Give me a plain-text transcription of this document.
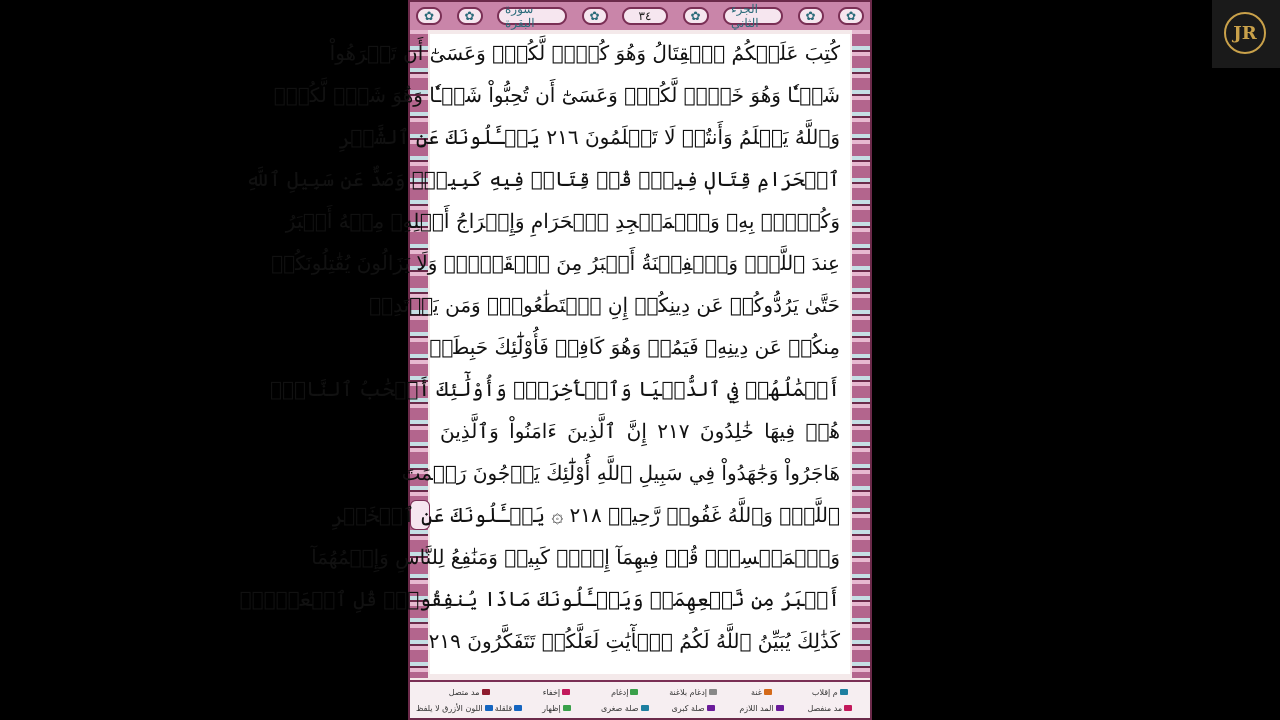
✿	✿	سورة البقرة	✿	٣٤	✿	الجزء الثاني	✿	✿
كُتِبَ عَلَيۡكُمُ ٱلۡقِتَالُ وَهُوَ كُرۡهٞ لَّكُمۡۖ وَعَسَىٰٓ أَن تَكۡرَهُواْ
شَيۡـٔٗا وَهُوَ خَيۡرٞ لَّكُمۡۖ وَعَسَىٰٓ أَن تُحِبُّواْ شَيۡـٔٗا وَهُوَ شَرّٞ لَّكُمۡۚ
وَٱللَّهُ يَعۡلَمُ وَأَنتُمۡ لَا تَعۡلَمُونَ ٢١٦ يَسۡـَٔلُونَكَ عَنِ ٱلشَّهۡرِ
ٱلۡحَرَامِ قِتَالٖ فِيهِۖ قُلۡ قِتَالٞ فِيهِ كَبِيرٞۚ وَصَدٌّ عَن سَبِيلِ ٱللَّهِ
وَكُفۡرُۢ بِهِۦ وَٱلۡمَسۡجِدِ ٱلۡحَرَامِ وَإِخۡرَاجُ أَهۡلِهِۦ مِنۡهُ أَكۡبَرُ
عِندَ ٱللَّهِۚ وَٱلۡفِتۡنَةُ أَكۡبَرُ مِنَ ٱلۡقَتۡلِۗ وَلَا يَزَالُونَ يُقَٰتِلُونَكُمۡ
حَتَّىٰ يَرُدُّوكُمۡ عَن دِينِكُمۡ إِنِ ٱسۡتَطَٰعُواْۚ وَمَن يَرۡتَدِدۡ
مِنكُمۡ عَن دِينِهِۦ فَيَمُتۡ وَهُوَ كَافِرٞ فَأُوْلَٰٓئِكَ حَبِطَتۡ
أَعۡمَٰلُهُمۡ فِي ٱلدُّنۡيَا وَٱلۡأٓخِرَةِۖ وَأُوْلَٰٓئِكَ أَصۡحَٰبُ ٱلنَّارِۖ
هُمۡ فِيهَا خَٰلِدُونَ ٢١٧ إِنَّ ٱلَّذِينَ ءَامَنُواْ وَٱلَّذِينَ
هَاجَرُواْ وَجَٰهَدُواْ فِي سَبِيلِ ٱللَّهِ أُوْلَٰٓئِكَ يَرۡجُونَ رَحۡمَتَ
ٱللَّهِۚ وَٱللَّهُ غَفُورٞ رَّحِيمٞ ٢١٨ ۞ يَسۡـَٔلُونَكَ عَنِ ٱلۡخَمۡرِ
وَٱلۡمَيۡسِرِۖ قُلۡ فِيهِمَآ إِثۡمٞ كَبِيرٞ وَمَنَٰفِعُ لِلنَّاسِ وَإِثۡمُهُمَآ
أَكۡبَرُ مِن نَّفۡعِهِمَاۗ وَيَسۡـَٔلُونَكَ مَاذَا يُنفِقُونَۖ قُلِ ٱلۡعَفۡوَۗ
كَذَٰلِكَ يُبَيِّنُ ٱللَّهُ لَكُمُ ٱلۡأٓيَٰتِ لَعَلَّكُمۡ تَتَفَكَّرُونَ ٢١٩
م إقلاب
غنة
إدغام بلاغنة
إدغام
إخفاء
مد متصل
مد منفصل
المد اللازم
صلة كبرى
صلة صغرى
إظهار
قلقلة
اللون الأزرق لا يلفظ
JR
